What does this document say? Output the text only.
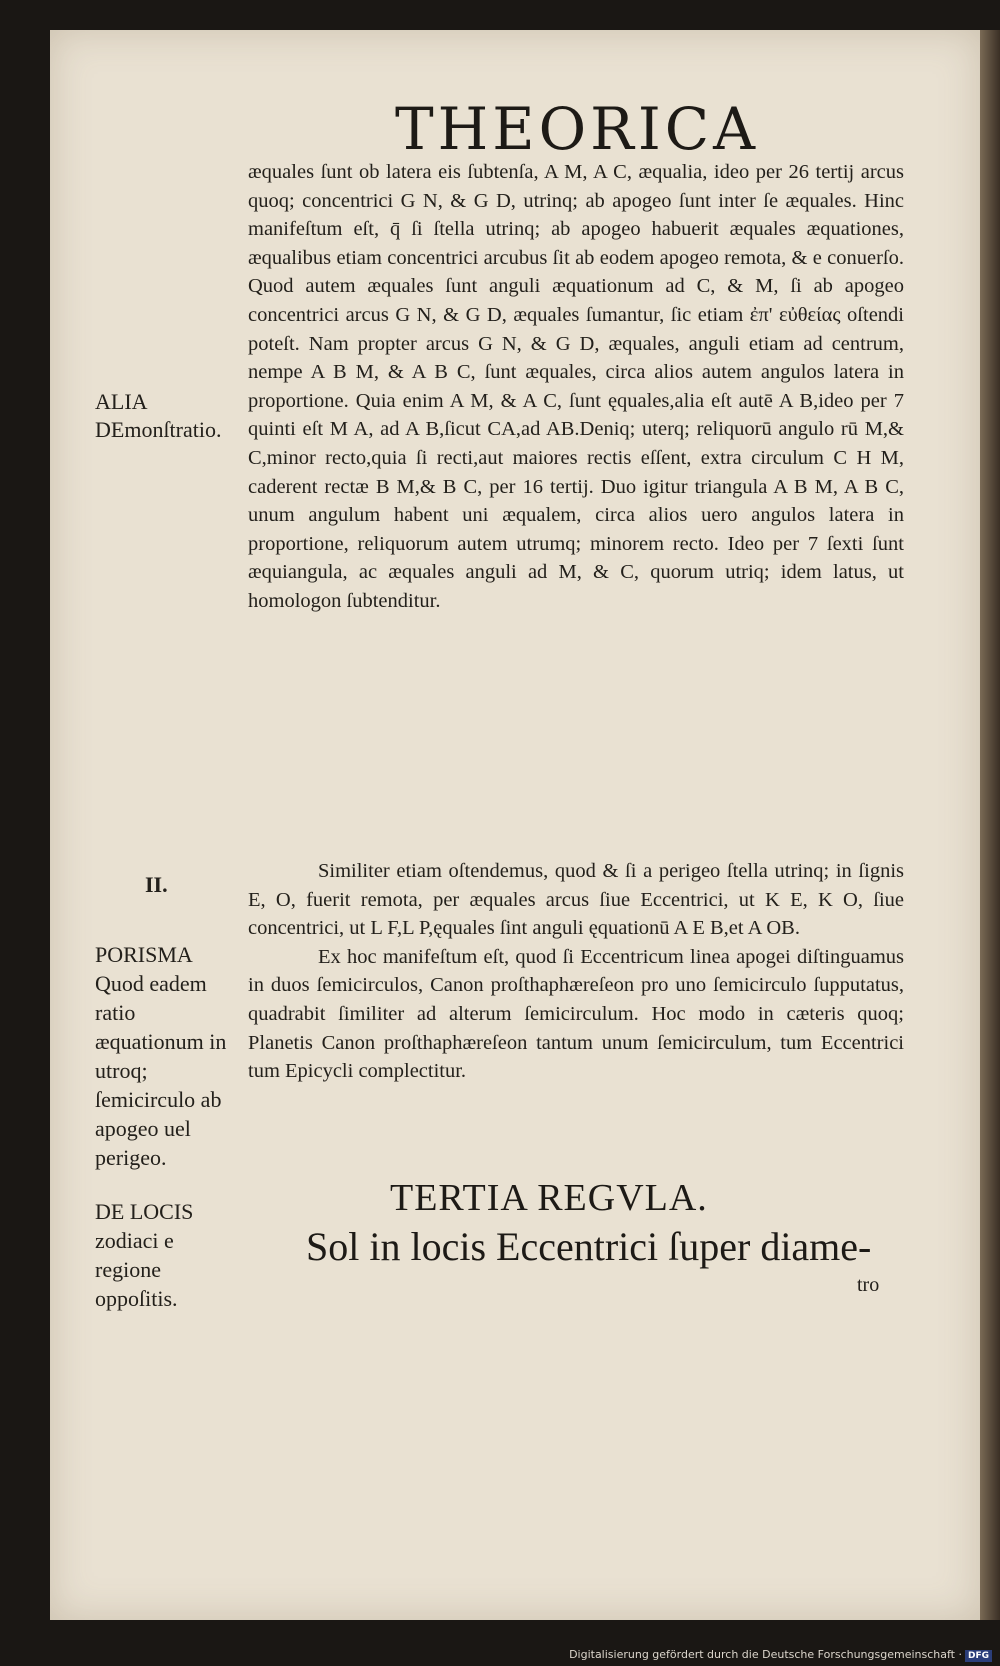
THEORICA

æquales ſunt ob latera eis ſubtenſa, A M, A C, æqualia, ideo per 26 tertij arcus quoq; concentrici G N, & G D, utrinq; ab apogeo ſunt inter ſe æquales. Hinc manifeſtum eſt, q̄ ſi ſtella utrinq; ab apogeo habuerit æquales æquationes, æqualibus etiam concentrici arcubus ſit ab eodem apogeo remota, & e conuerſo. Quod autem æquales ſunt anguli æquationum ad C, & M, ſi ab apogeo concentrici arcus G N, & G D, æquales ſumantur, ſic etiam ἐπ' εὐθείας oſtendi poteſt. Nam propter arcus G N, & G D, æquales, anguli etiam ad centrum, nempe A B M, & A B C, ſunt æquales, circa alios autem angulos latera in proportione. Quia enim A M, & A C, ſunt ęquales,alia eſt autē A B,ideo per 7 quinti eſt M A, ad A B,ſicut CA,ad AB.Deniq; uterq; reliquorū angulo rū M,& C,minor recto,quia ſi recti,aut maiores rectis eſſent, extra circulum C H M, caderent rectæ B M,& B C, per 16 tertij. Duo igitur triangula A B M, A B C, unum angulum habent uni æqualem, circa alios uero angulos latera in proportione, reliquorum autem utrumq; minorem recto. Ideo per 7 ſexti ſunt æquiangula, ac æquales anguli ad M, & C, quorum utriq; idem latus, ut homologon ſubtenditur.

Similiter etiam oſtendemus, quod & ſi a perigeo ſtella utrinq; in ſignis E, O, fuerit remota, per æquales arcus ſiue Eccentrici, ut K E, K O, ſiue concentrici, ut L F,L P,ęquales ſint anguli ęquationū A E B,et A OB.

Ex hoc manifeſtum eſt, quod ſi Eccentricum linea apogei diſtinguamus in duos ſemicirculos, Canon proſthaphæreſeon pro uno ſemicirculo ſupputatus, quadrabit ſimiliter ad alterum ſemicirculum. Hoc modo in cæteris quoq; Planetis Canon proſthaphæreſeon tantum unum ſemicirculum, tum Eccentrici tum Epicycli complectitur.

ALIA DEmonſtratio.
II.
PORISMA Quod eadem ratio æquationum in utroq; ſemicirculo ab apogeo uel perigeo.
DE LOCIS zodiaci e regione oppoſitis.
TERTIA REGVLA.
Sol in locis Eccentrici ſuper diame-
tro
Digitalisierung gefördert durch die Deutsche Forschungsgemeinschaft · DFG
